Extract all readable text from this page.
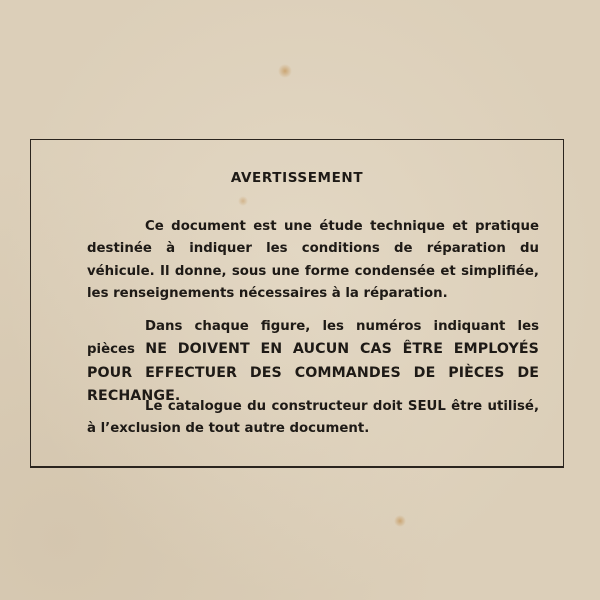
AVERTISSEMENT

Ce document est une étude technique et pratique destinée à indiquer les conditions de réparation du véhicule. Il donne, sous une forme condensée et simplifiée, les renseignements nécessaires à la réparation.

Dans chaque figure, les numéros indiquant les pièces NE DOIVENT EN AUCUN CAS ÊTRE EMPLOYÉS POUR EFFECTUER DES COMMANDES DE PIÈCES DE RECHANGE.

Le catalogue du constructeur doit SEUL être utilisé, à l’exclusion de tout autre document.
